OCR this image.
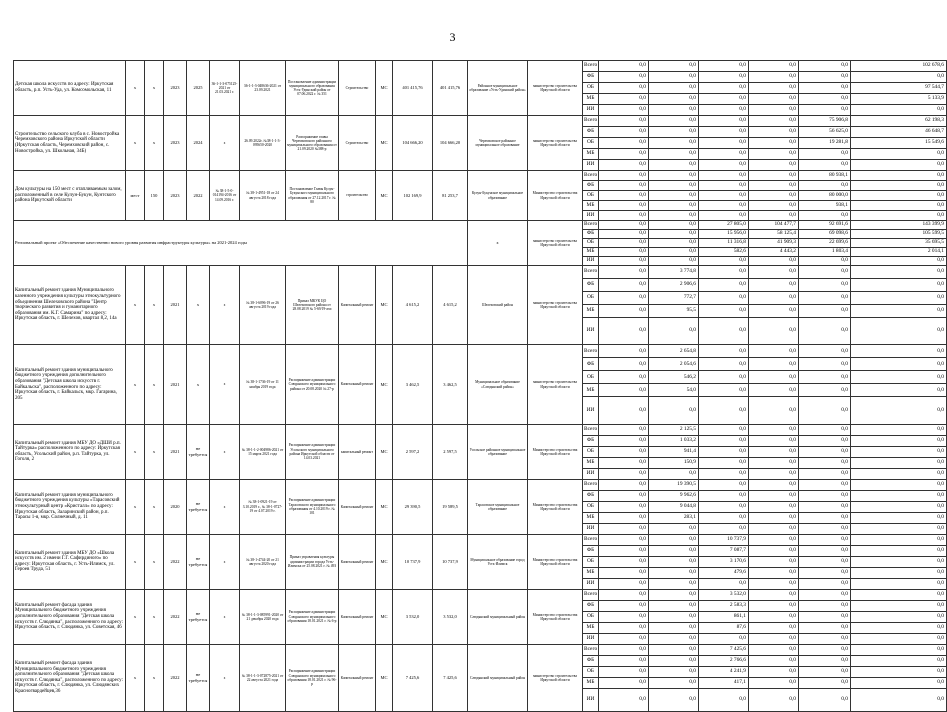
3
Детская школа искусств по адресу: Иркутская область, р.п. Усть-Уда, ул. Комсомольская, 11	x	x	2023	2025	36-1-1-3-075125-2021 от 21.03.2021 г.	36-1-1-3-048636-2021 от 23.09.2021	Постановление администрации муниципального образования Усть-Удинский район от 07.06.2022 г. № 351	Строительство	МС	401 415,76	401 415,76	Районное муниципальное образование «Усть-Удинский район»	министерство строительства Иркутской области	Всего	0,0	0,0	0,0	0,0	0,0	102 678,6
														ФБ	0,0	0,0	0,0	0,0	0,0	0,0
														ОБ	0,0	0,0	0,0	0,0	0,0	97 544,7
														МБ	0,0	0,0	0,0	0,0	0,0	5 133,9
														ИИ	0,0	0,0	0,0	0,0	0,0	0,0
Строительство сельского клуба в с. Новостройка Черемховского района Иркутской области (Иркутская область, Черемховский район, с. Новостройка, ул. Школьная, 34Б)	x	x	2023	2024	x	26.09.2022г. №38-1-1-3-095650-2020	Распоряжение главы Черемховского районного муниципального образования от 21.09.2020 №388-р	Строительство	МС	104 666,20	104 666,20	Черемховское районное муниципальное образование	министерство строительства Иркутской области	Всего	0,0	0,0	0,0	0,0	75 906,8	62 198,3
														ФБ	0,0	0,0	0,0	0,0	56 625,0	46 648,7
														ОБ	0,0	0,0	0,0	0,0	19 281,8	15 549,6
														МБ	0,0	0,0	0,0	0,0	0,0	0,0
														ИИ	0,0	0,0	0,0	0,0	0,0	0,0
Дом культуры на 150 мест с отапливаемым залом, расположенный в селе Кулун-Букун, Кунтского района Иркутской области	мест	150	2023	2022	№ 38-1-5-0-014194-2016 от 14.09.2016 г.	№ 38-1-4951-18 от 24 августа 2018 года	Постановление Главы Кулун-Букунского муниципального образования от 27.12.2017 г. № 80	строительство	МС	102 169,9	81 253,7	Кулун-Букунское муниципальное образование	Министерство строительства Иркутской области	Всего	0,0	0,0	0,0	0,0	80 938,1	0,0
														ФБ	0,0	0,0	0,0	0,0	0,0	0,0
														ОБ	0,0	0,0	0,0	0,0	80 000,0	0,0
														МБ	0,0	0,0	0,0	0,0	938,1	0,0
														ИИ	0,0	0,0	0,0	0,0	0,0	0,0
Региональный проект «Обеспечение качественно нового уровня развития инфраструктуры культуры» на 2021-2024 годы												x	министерство строительства Иркутской области	Всего	0,0	0,0	27 805,0	104 477,7	92 691,6	143 399,9
														ФБ	0,0	0,0	15 956,0	58 125,4	69 098,6	105 599,5
														ОБ	0,0	0,0	11 316,8	41 909,3	22 699,6	35 695,5
														МБ	0,0	0,0	582,6	4 443,2	1 803,4	2 014,1
														ИИ	0,0	0,0	0,0	0,0	0,0	0,0
Капитальный ремонт здания Муниципального казенного учреждения культуры этнокультурного объединения Шелеховского района "Центр творческого развития и гуманитарного образования им. К.Г. Самарина" по адресу: Иркутская область, г. Шелехов, квартал 8,2, 14а	x	x	2021	x	x	№ 38-1-6096-19 от 26 августа 2019 года	Приказ МКУК ЦО Шелеховского района от 28.08.2019 № 5-69/19-ахч	Капитальный ремонт	МС	4 615,2	4 615,2	Шелеховский район	министерство строительства Иркутской области	Всего	0,0	3 774,8	0,0	0,0	0,0	0,0
														ФБ	0,0	2 906,6	0,0	0,0	0,0	0,0
														ОБ	0,0	772,7	0,0	0,0	0,0	0,0
														МБ	0,0	95,5	0,0	0,0	0,0	0,0
														ИИ	0,0	0,0	0,0	0,0	0,0	0,0
Капитальный ремонт здания муниципального бюджетного учреждения дополнительного образования "Детская школа искусств г. Байкальска", расположенного по адресу: Иркутская область, г. Байкальск, мкр. Гагарина, 205	x	x	2021	x	x	№ 38-1-1736-19 от 11 ноября 2019 года	Распоряжение администрации Слюдянского муниципального района от 20.08.2020 № 27-р	Капитальный ремонт	МС	3 462,5	3 462,5	Муниципальное образование «Слюдянский район»	министерство строительства Иркутской области	Всего	0,0	2 654,8	0,0	0,0	0,0	0,0
														ФБ	0,0	2 054,6	0,0	0,0	0,0	0,0
														ОБ	0,0	546,2	0,0	0,0	0,0	0,0
														МБ	0,0	54,0	0,0	0,0	0,0	0,0
														ИИ	0,0	0,0	0,0	0,0	0,0	0,0
Капитальный ремонт здания МБУ ДО «ДШИ р.п. Тайтурка» расположенного по адресу: Иркутская область, Усольский район, р.п. Тайтурка, ул. Гоголя, 2	x	x	2021	не требуется	x	№ 38-1-1-2-004986-2021 от 15 марта 2021 года	Распоряжение администрации Усольского муниципального района Иркутской области от 14.03.2021	капитальный ремонт	МС	2 597,2	2 597,5	Усольское районное муниципальное образование	Министерство строительства Иркутской области	Всего	0,0	2 125,5	0,0	0,0	0,0	0,0
														ФБ	0,0	1 033,2	0,0	0,0	0,0	0,0
														ОБ	0,0	941,4	0,0	0,0	0,0	0,0
														МБ	0,0	150,9	0,0	0,0	0,0	0,0
														ИИ	0,0	0,0	0,0	0,0	0,0	0,0
Капитальный ремонт здания муниципального бюджетного учреждения культуры «Тарасовский этнокультурный центр «Кристалл» по адресу: Иркутская область, Заларинский район, р.п. Тарасы 1-я, мкр. Солнечный, д. 11	x	x	2020	не требуется	x	№ 38-1-0921-19 от 3.10.2019 г., № 38-1-0727-19 от 4.07.2019 г.	Распоряжение администрации Тарасовского муниципального образования от 4.10.2019 г. № 101	Капитальный ремонт	МС	29 390,5	19 589,5	Тарасовское муниципальное образование	Министерство строительства Иркутской области	Всего	0,0	19 390,5	0,0	0,0	0,0	0,0
														ФБ	0,0	9 962,6	0,0	0,0	0,0	0,0
														ОБ	0,0	9 044,8	0,0	0,0	0,0	0,0
														МБ	0,0	283,1	0,0	0,0	0,0	0,0
														ИИ	0,0	0,0	0,0	0,0	0,0	0,0
Капитальный ремонт здания МБУ ДО «Школа искусств им. 2 имени Г.Г. Сафирдиного» по адресу: Иркутская область, г. Усть-Илимск, ул. Героев Труда, 51	x	x	2022	не требуется	x	№ 38-1-4744-20 от 21 августа 2020 года	Приказ управления культуры администрации города Усть-Илимска от 25.08.2021 г. № 493	Капитальный ремонт	МС	10 737,9	10 737,9	Муниципальное образование город Усть-Илимск	Министерство строительства Иркутской области	Всего	0,0	0,0	10 737,9	0,0	0,0	0,0
														ФБ	0,0	0,0	7 087,7	0,0	0,0	0,0
														ОБ	0,0	0,0	3 170,6	0,0	0,0	0,0
														МБ	0,0	0,0	479,6	0,0	0,0	0,0
														ИИ	0,0	0,0	0,0	0,0	0,0	0,0
Капитальный ремонт фасада здания Муниципального бюджетного учреждения дополнительного образования "Детская школа искусств г. Слюдянка", расположенного по адресу: Иркутская область, г. Слюдянка, ул. Советская, 46	x	x	2022	не требуется	x	№ 38-1-1-3-085991-2020 от 21 декабря 2020 года	Распоряжение администрации Слюдянского муниципального образования 18.01.2021 г. № 6-р	Капитальный ремонт	МС	3 532,0	3 532,0	Слюдянский муниципальный район	Министерство строительства Иркутской области	Всего	0,0	0,0	3 532,0	0,0	0,0	0,0
														ФБ	0,0	0,0	2 583,3	0,0	0,0	0,0
														ОБ	0,0	0,0	861,1	0,0	0,0	0,0
														МБ	0,0	0,0	87,6	0,0	0,0	0,0
														ИИ	0,0	0,0	0,0	0,0	0,0	0,0
Капитальный ремонт фасада здания Муниципального бюджетного учреждения дополнительного образования "Детская школа искусств г. Слюдянка", расположенного по адресу: Иркутская область, г. Слюдянка, ул. Слюдянских Красногвардейцев,36	x	x	2022	не требуется	x	№ 38-1-1-3-072875-2021 от 22 августа 2021 года	Распоряжение администрации Слюдянского муниципального образования 18.01.2021 г. № 96-р	Капитальный ремонт	МС	7 425,6	7 425,6	Слюдянский муниципальный район	министерство строительства Иркутской области	Всего	0,0	0,0	7 425,6	0,0	0,0	0,0
														ФБ	0,0	0,0	2 766,6	0,0	0,0	0,0
														ОБ	0,0	0,0	4 241,9	0,0	0,0	0,0
														МБ	0,0	0,0	417,1	0,0	0,0	0,0
														ИИ	0,0	0,0	0,0	0,0	0,0	0,0
